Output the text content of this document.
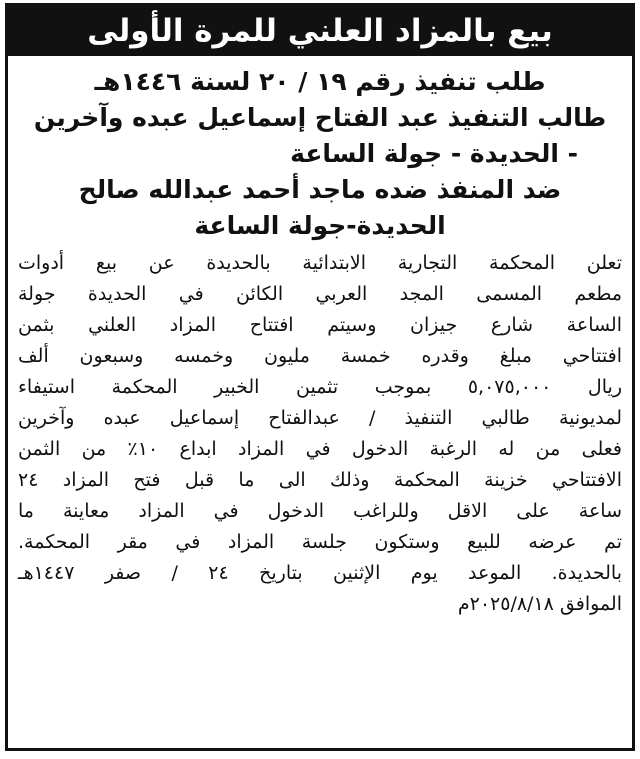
بيع بالمزاد العلني للمرة الأولى
طلب تنفيذ رقم ١٩ / ٢٠ لسنة ١٤٤٦هـ
طالب التنفيذ عبد الفتاح إسماعيل عبده وآخرين
- الحديدة - جولة الساعة
ضد المنفذ ضده ماجد أحمد عبدالله صالح
الحديدة-جولة الساعة
تعلن المحكمة التجارية الابتدائية بالحديدة عن بيع أدوات
مطعم المسمى المجد العربي الكائن في الحديدة جولة
الساعة شارع جيزان وسيتم افتتاح المزاد العلني بثمن
افتتاحي مبلغ وقدره خمسة مليون وخمسه وسبعون ألف
ريال ٥,٠٧٥,٠٠٠ بموجب تثمين الخبير المحكمة استيفاء
لمديونية طالبي التنفيذ / عبدالفتاح إسماعيل عبده وآخرين
فعلى من له الرغبة الدخول في المزاد ابداع ١٠٪ من الثمن
الافتتاحي خزينة المحكمة وذلك الى ما قبل فتح المزاد ٢٤
ساعة على الاقل وللراغب الدخول في المزاد معاينة ما
تم عرضه للبيع وستكون جلسة المزاد في مقر المحكمة.
بالحديدة. الموعد يوم الإثنين بتاريخ ٢٤ / صفر ١٤٤٧هـ
الموافق ٢٠٢٥/٨/١٨م
